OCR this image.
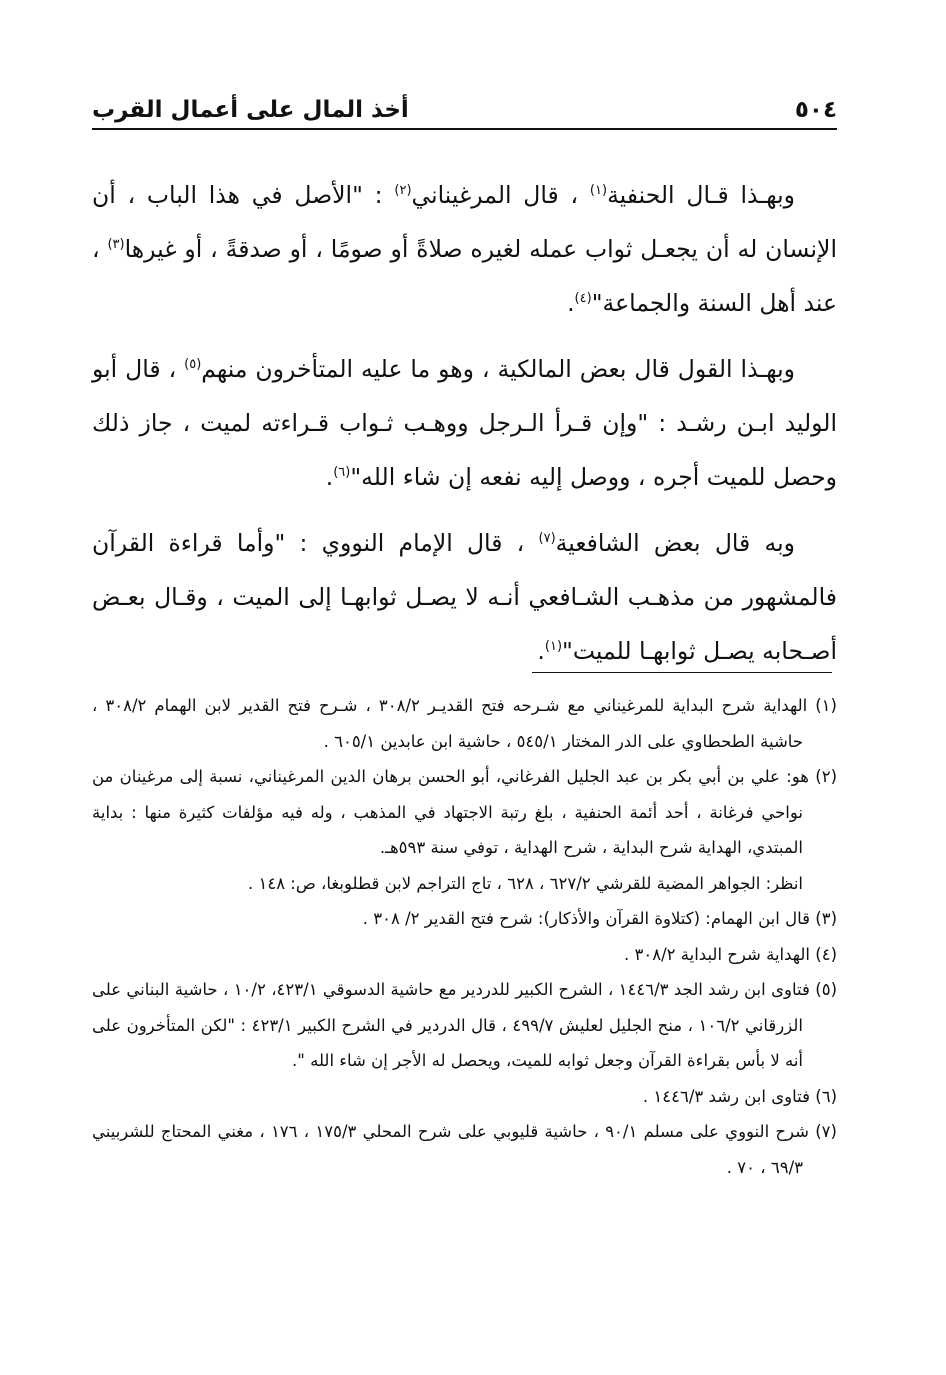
٥٠٤
أخذ المال على أعمال القرب

وبهـذا قـال الحنفية$^{(١)}$ ، قال المرغيناني$^{(٢)}$ : "الأصل في هذا الباب ، أن الإنسان له أن يجعـل ثواب عمله لغيره صلاةً أو صومًا ، أو صدقةً ، أو غيرها$^{(٣)}$ ، عند أهل السنة والجماعة"$^{(٤)}$.

وبهـذا القول قال بعض المالكية ، وهو ما عليه المتأخرون منهم$^{(٥)}$ ، قال أبو الوليد ابـن رشـد : "وإن قـرأ الـرجل ووهـب ثـواب قـراءته لميت ، جاز ذلك وحصل للميت أجره ، ووصل إليه نفعه إن شاء الله"$^{(٦)}$.

وبه قال بعض الشافعية$^{(٧)}$ ، قال الإمام النووي : "وأما قراءة القرآن فالمشهور من مذهـب الشـافعي أنـه لا يصـل ثوابهـا إلى الميت ، وقـال بعـض أصـحابه يصـل ثوابهـا للميت"$^{(١)}$.

(١) الهداية شرح البداية للمرغيناني مع شـرحه فتح القديـر ٣٠٨/٢ ، شـرح فتح القدير لابن الهمام ٣٠٨/٢ ، حاشية الطحطاوي على الدر المختار ٥٤٥/١ ، حاشية ابن عابدين ٦٠٥/١ .

(٢) هو: علي بن أبي بكر بن عبد الجليل الفرغاني، أبو الحسن برهان الدين المرغيناني، نسبة إلى مرغينان من نواحي فرغانة ، أحد أئمة الحنفية ، بلغ رتبة الاجتهاد في المذهب ، وله فيه مؤلفات كثيرة منها : بداية المبتدي، الهداية شرح البداية ، شرح الهداية ، توفي سنة ٥٩٣هـ.

انظر: الجواهر المضية للقرشي ٦٢٧/٢ ، ٦٢٨ ، تاج التراجم لابن قطلوبغا، ص: ١٤٨ .

(٣) قال ابن الهمام: (كتلاوة القرآن والأذكار): شرح فتح القدير ٢/ ٣٠٨ .

(٤) الهداية شرح البداية ٣٠٨/٢ .

(٥) فتاوى ابن رشد الجد ١٤٤٦/٣ ، الشرح الكبير للدردير مع حاشية الدسوقي ٤٢٣/١، ١٠/٢ ، حاشية البناني على الزرقاني ١٠٦/٢ ، منح الجليل لعليش ٤٩٩/٧ ، قال الدردير في الشرح الكبير ٤٢٣/١ : "لكن المتأخرون على أنه لا بأس بقراءة القرآن وجعل ثوابه للميت، ويحصل له الأجر إن شاء الله ".

(٦) فتاوى ابن رشد ١٤٤٦/٣ .

(٧) شرح النووي على مسلم ٩٠/١ ، حاشية قليوبي على شرح المحلي ١٧٥/٣ ، ١٧٦ ، مغني المحتاج للشربيني ٦٩/٣ ، ٧٠ .
